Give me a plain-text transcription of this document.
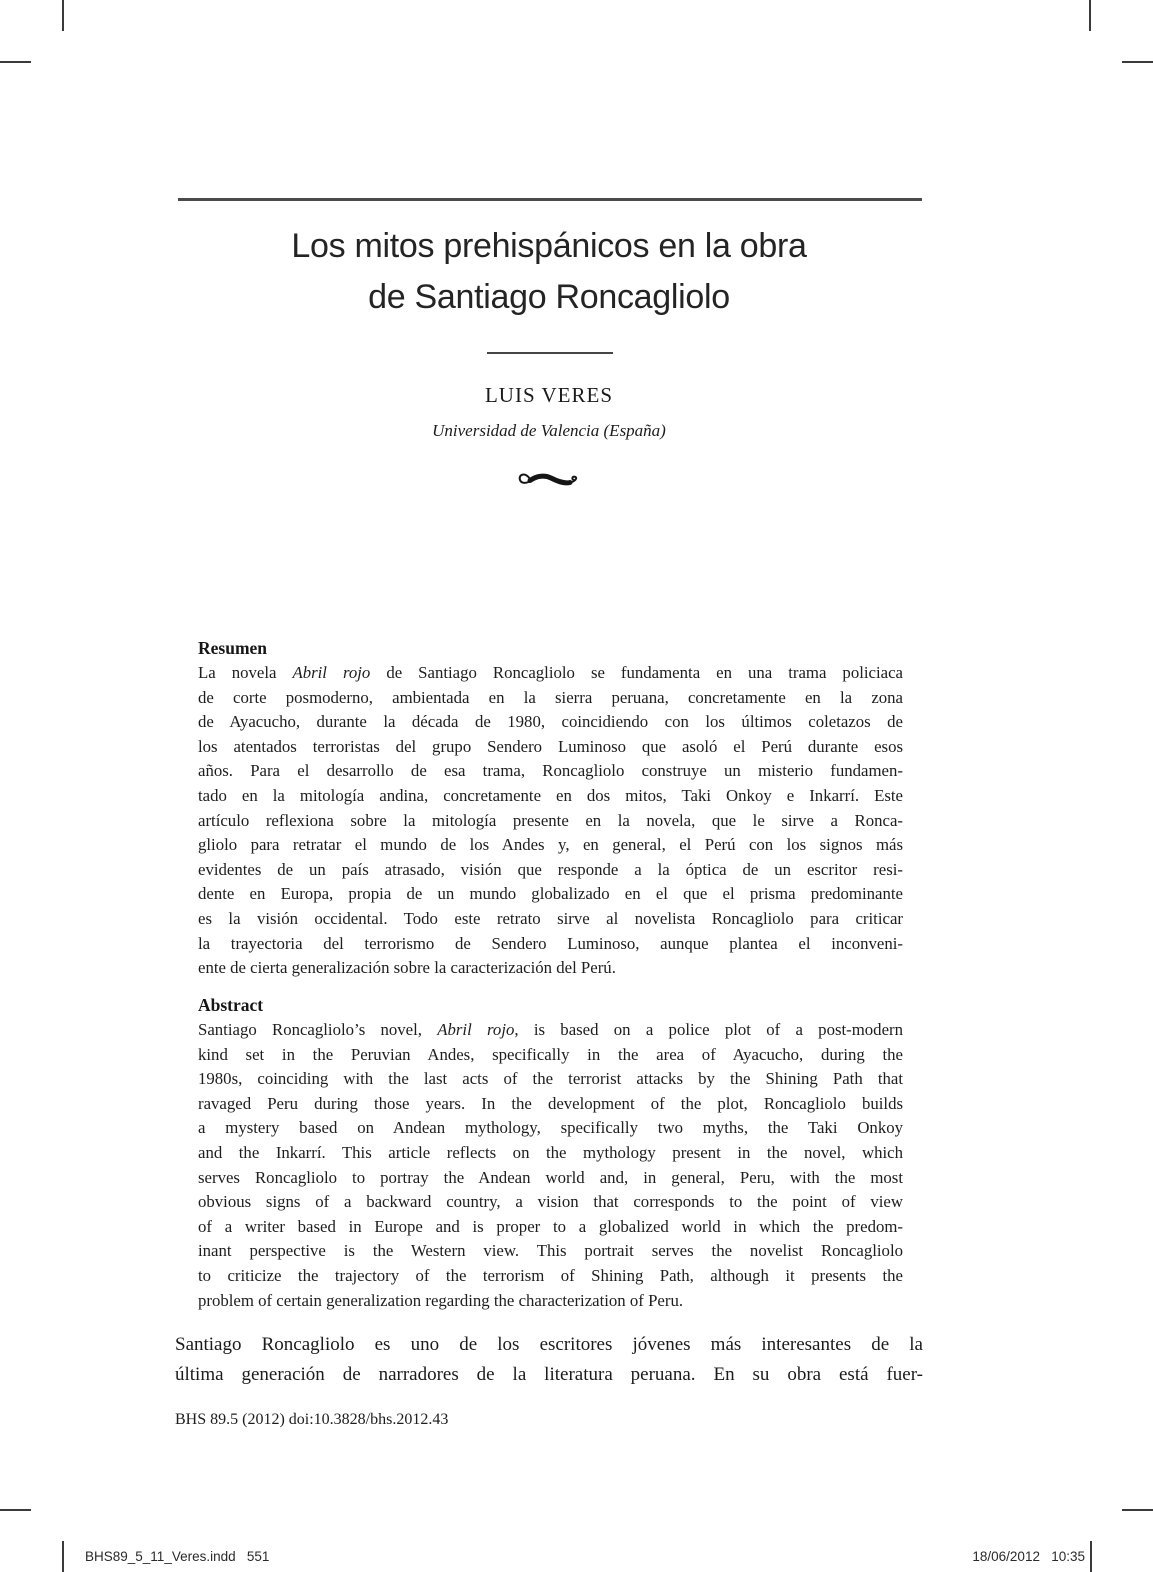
Los mitos prehispánicos en la obra
de Santiago Roncagliolo
LUIS VERES
Universidad de Valencia (España)
Resumen
La novela Abril rojo de Santiago Roncagliolo se fundamenta en una trama policiaca
de corte posmoderno, ambientada en la sierra peruana, concretamente en la zona
de Ayacucho, durante la década de 1980, coincidiendo con los últimos coletazos de
los atentados terroristas del grupo Sendero Luminoso que asoló el Perú durante esos
años. Para el desarrollo de esa trama, Roncagliolo construye un misterio fundamen-
tado en la mitología andina, concretamente en dos mitos, Taki Onkoy e Inkarrí. Este
artículo reflexiona sobre la mitología presente en la novela, que le sirve a Ronca-
gliolo para retratar el mundo de los Andes y, en general, el Perú con los signos más
evidentes de un país atrasado, visión que responde a la óptica de un escritor resi-
dente en Europa, propia de un mundo globalizado en el que el prisma predominante
es la visión occidental. Todo este retrato sirve al novelista Roncagliolo para criticar
la trayectoria del terrorismo de Sendero Luminoso, aunque plantea el inconveni-
ente de cierta generalización sobre la caracterización del Perú.
Abstract
Santiago Roncagliolo’s novel, Abril rojo, is based on a police plot of a post-modern
kind set in the Peruvian Andes, specifically in the area of Ayacucho, during the
1980s, coinciding with the last acts of the terrorist attacks by the Shining Path that
ravaged Peru during those years. In the development of the plot, Roncagliolo builds
a mystery based on Andean mythology, specifically two myths, the Taki Onkoy
and the Inkarrí. This article reflects on the mythology present in the novel, which
serves Roncagliolo to portray the Andean world and, in general, Peru, with the most
obvious signs of a backward country, a vision that corresponds to the point of view
of a writer based in Europe and is proper to a globalized world in which the predom-
inant perspective is the Western view. This portrait serves the novelist Roncagliolo
to criticize the trajectory of the terrorism of Shining Path, although it presents the
problem of certain generalization regarding the characterization of Peru.
Santiago Roncagliolo es uno de los escritores jóvenes más interesantes de la
última generación de narradores de la literatura peruana. En su obra está fuer-
BHS 89.5 (2012) doi:10.3828/bhs.2012.43
BHS89_5_11_Veres.indd   551	18/06/2012   10:35
